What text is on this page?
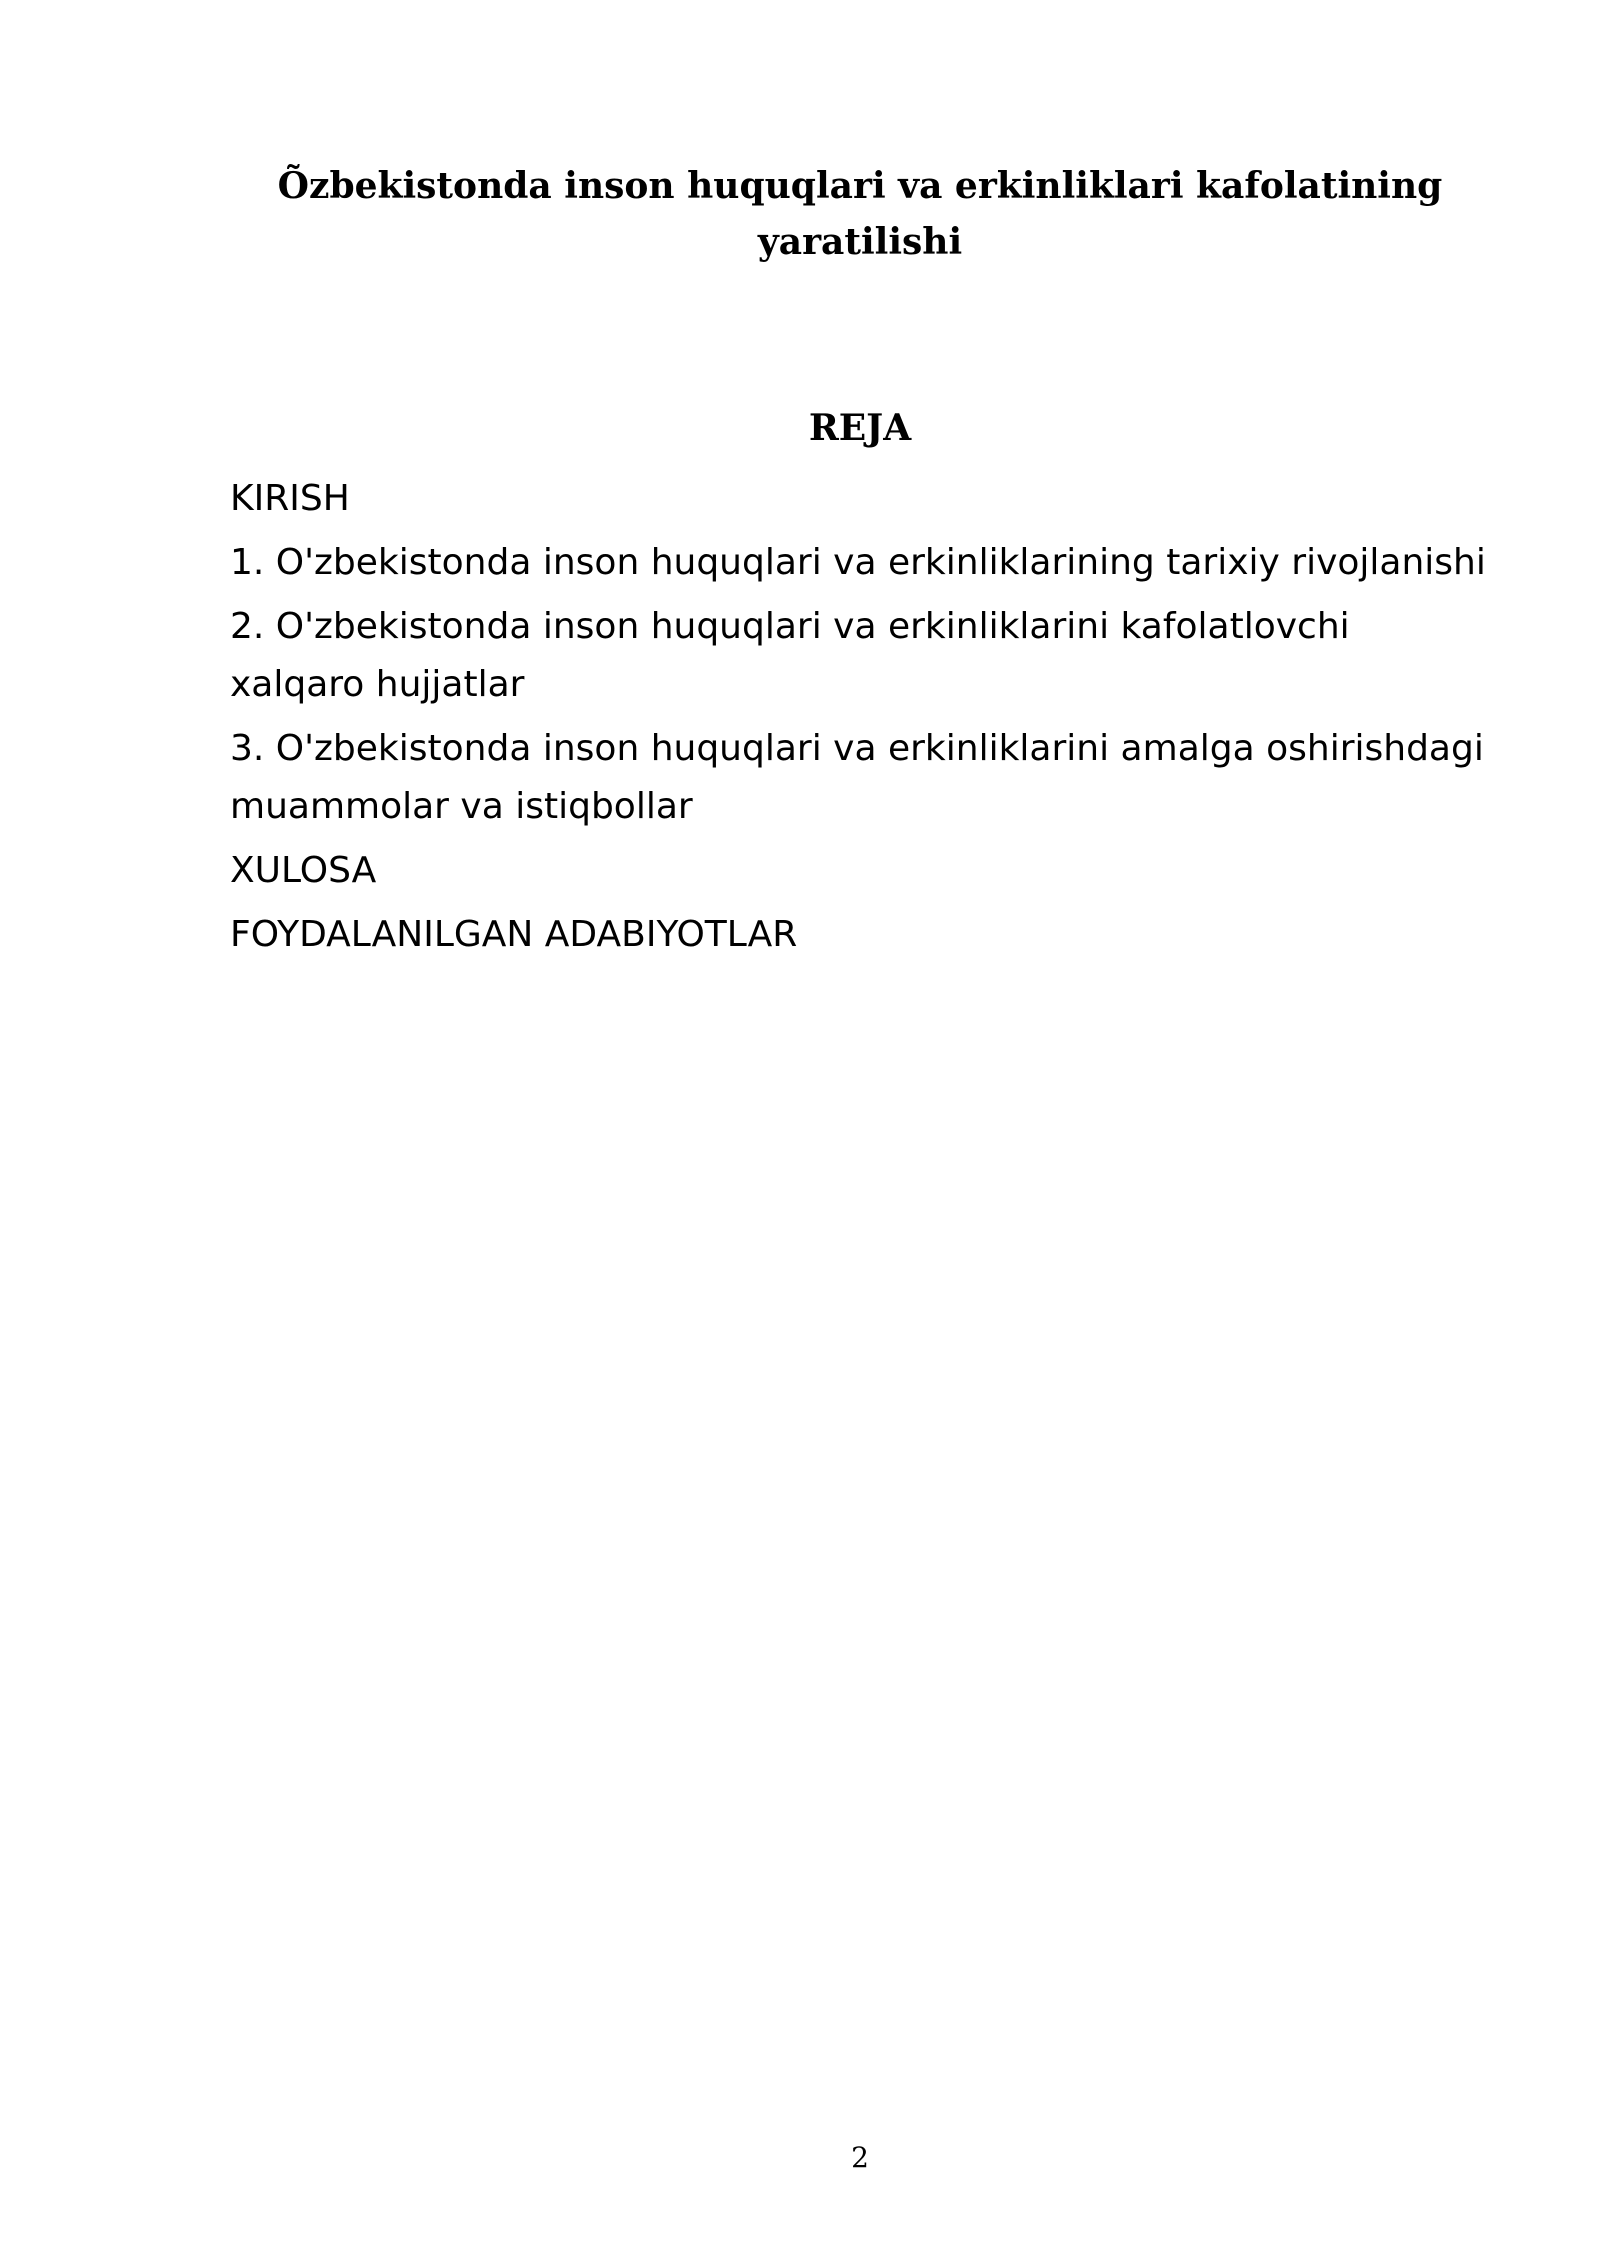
Õzbekistonda inson huquqlari va erkinliklari kafolatining yaratilishi
REJA
KIRISH
1. O'zbekistonda inson huquqlari va erkinliklarining tarixiy rivojlanishi
2. O'zbekistonda inson huquqlari va erkinliklarini kafolatlovchi xalqaro hujjatlar
3. O'zbekistonda inson huquqlari va erkinliklarini amalga oshirishdagi muammolar va istiqbollar
XULOSA
FOYDALANILGAN ADABIYOTLAR
2
